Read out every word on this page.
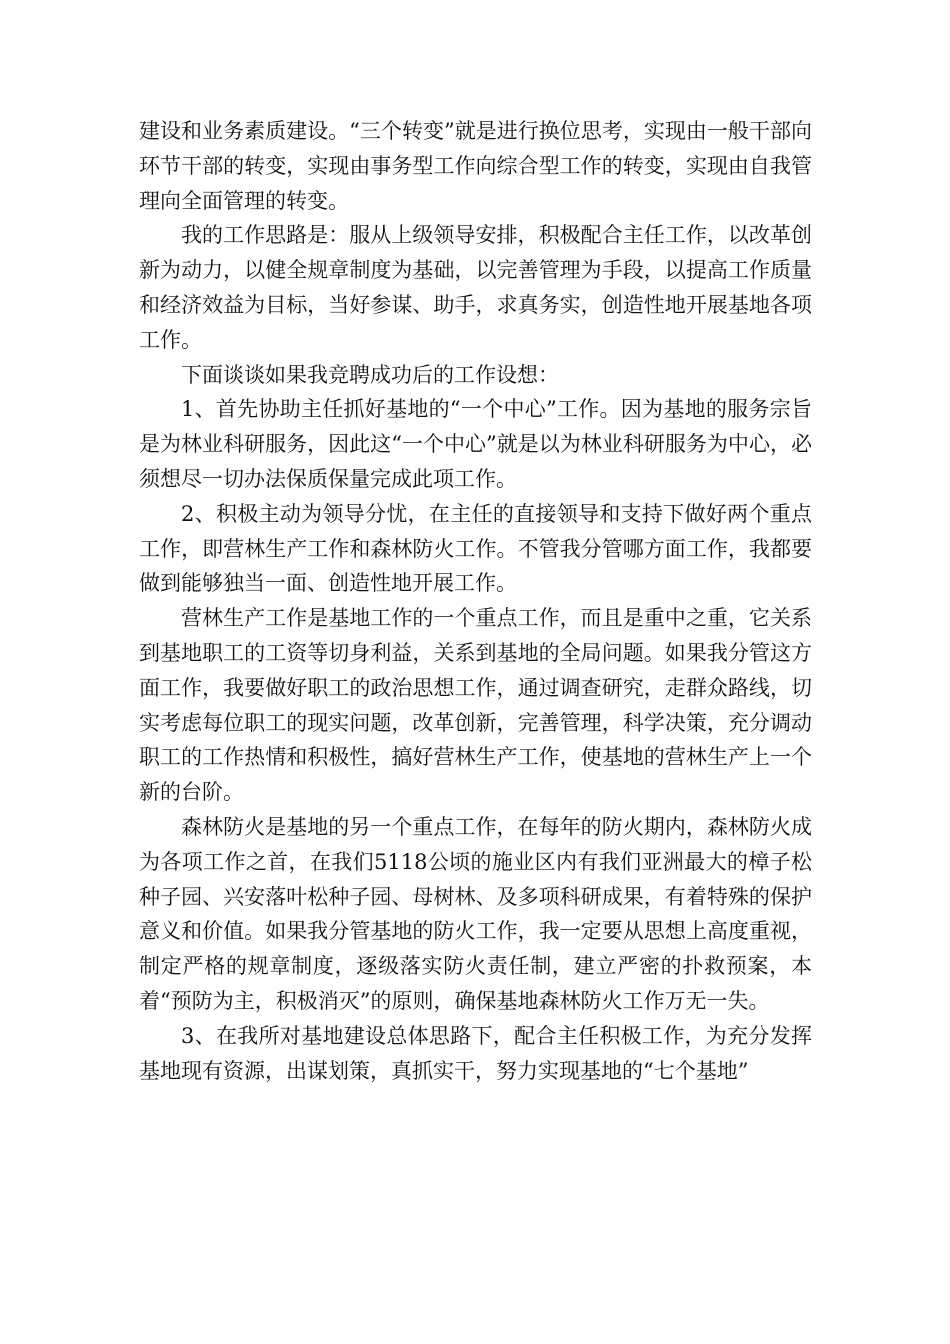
建设和业务素质建设。“三个转变”就是进行换位思考，实现由一般干部向环节干部的转变，实现由事务型工作向综合型工作的转变，实现由自我管理向全面管理的转变。

我的工作思路是：服从上级领导安排，积极配合主任工作，以改革创新为动力，以健全规章制度为基础，以完善管理为手段，以提高工作质量和经济效益为目标，当好参谋、助手，求真务实，创造性地开展基地各项工作。

下面谈谈如果我竞聘成功后的工作设想：

1、首先协助主任抓好基地的“一个中心”工作。因为基地的服务宗旨是为林业科研服务，因此这“一个中心”就是以为林业科研服务为中心，必须想尽一切办法保质保量完成此项工作。

2、积极主动为领导分忧，在主任的直接领导和支持下做好两个重点工作，即营林生产工作和森林防火工作。不管我分管哪方面工作，我都要做到能够独当一面、创造性地开展工作。

营林生产工作是基地工作的一个重点工作，而且是重中之重，它关系到基地职工的工资等切身利益，关系到基地的全局问题。如果我分管这方面工作，我要做好职工的政治思想工作，通过调查研究，走群众路线，切实考虑每位职工的现实问题，改革创新，完善管理，科学决策，充分调动职工的工作热情和积极性，搞好营林生产工作，使基地的营林生产上一个新的台阶。

森林防火是基地的另一个重点工作，在每年的防火期内，森林防火成为各项工作之首，在我们5118公顷的施业区内有我们亚洲最大的樟子松种子园、兴安落叶松种子园、母树林、及多项科研成果，有着特殊的保护意义和价值。如果我分管基地的防火工作，我一定要从思想上高度重视，制定严格的规章制度，逐级落实防火责任制，建立严密的扑救预案，本着“预防为主，积极消灭”的原则，确保基地森林防火工作万无一失。

3、在我所对基地建设总体思路下，配合主任积极工作，为充分发挥基地现有资源，出谋划策，真抓实干，努力实现基地的“七个基地”
